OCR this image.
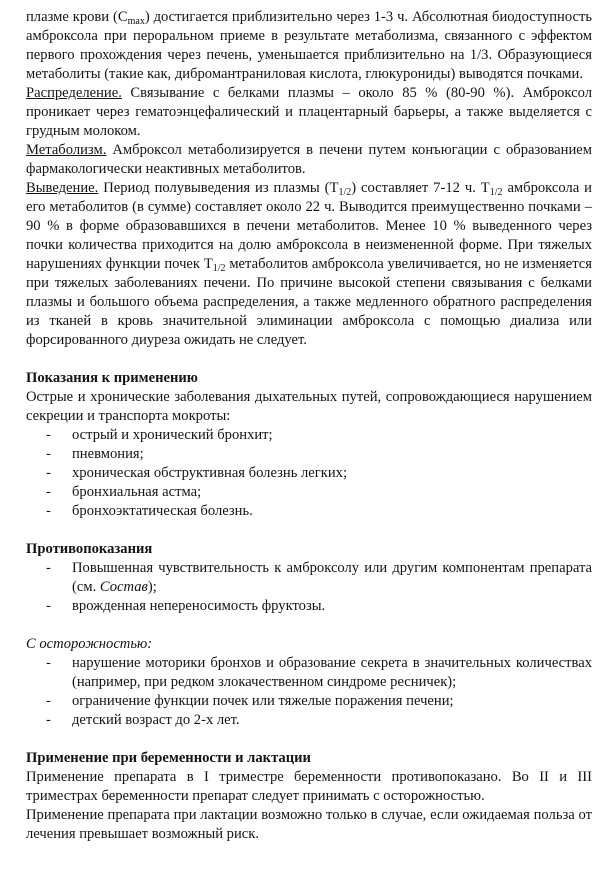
плазме крови $(C_{max})$ достигается приблизительно через 1-3 ч. Абсолютная биодоступность амброксола при пероральном приеме в результате метаболизма, связанного с эффектом первого прохождения через печень, уменьшается приблизительно на 1/3. Образующиеся метаболиты (такие как, дибромантраниловая кислота, глюкурониды) выводятся почками.

Распределение. Связывание с белками плазмы – около 85 % (80-90 %). Амброксол проникает через гематоэнцефалический и плацентарный барьеры, а также выделяется с грудным молоком.

Метаболизм. Амброксол метаболизируется в печени путем конъюгации с образованием фармакологически неактивных метаболитов.

Выведение. Период полувыведения из плазмы $(T_{1/2})$ составляет 7-12 ч. $T_{1/2}$ амброксола и его метаболитов (в сумме) составляет около 22 ч. Выводится преимущественно почками – 90 % в форме образовавшихся в печени метаболитов. Менее 10 % выведенного через почки количества приходится на долю амброксола в неизмененной форме. При тяжелых нарушениях функции почек $T_{1/2}$ метаболитов амброксола увеличивается, но не изменяется при тяжелых заболеваниях печени. По причине высокой степени связывания с белками плазмы и большого объема распределения, а также медленного обратного распределения из тканей в кровь значительной элиминации амброксола с помощью диализа или форсированного диуреза ожидать не следует.

Показания к применению

Острые и хронические заболевания дыхательных путей, сопровождающиеся нарушением секреции и транспорта мокроты:

- острый и хронический бронхит;
- пневмония;
- хроническая обструктивная болезнь легких;
- бронхиальная астма;
- бронхоэктатическая болезнь.

Противопоказания

- Повышенная чувствительность к амброксолу или другим компонентам препарата (см. Состав);
- врожденная непереносимость фруктозы.

С осторожностью:

- нарушение моторики бронхов и образование секрета в значительных количествах (например, при редком злокачественном синдроме ресничек);
- ограничение функции почек или тяжелые поражения печени;
- детский возраст до 2-х лет.

Применение при беременности и лактации

Применение препарата в I триместре беременности противопоказано. Во II и III триместрах беременности препарат следует принимать с осторожностью.

Применение препарата при лактации возможно только в случае, если ожидаемая польза от лечения превышает возможный риск.
